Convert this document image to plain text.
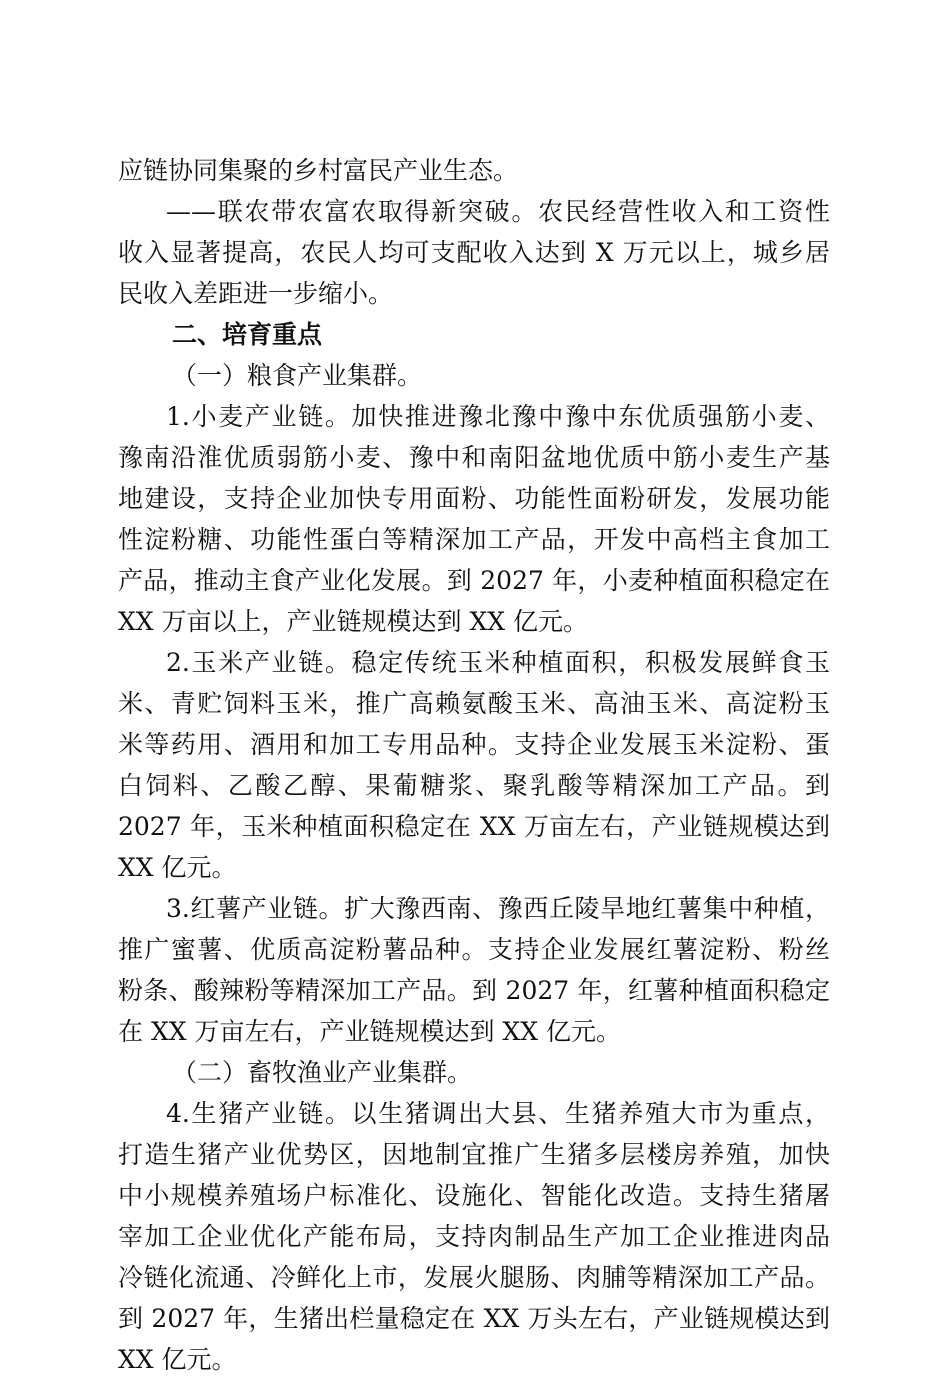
应链协同集聚的乡村富民产业生态。
——联农带农富农取得新突破。农民经营性收入和工资性
收入显著提高，农民人均可支配收入达到 X 万元以上，城乡居
民收入差距进一步缩小。
二、培育重点
（一）粮食产业集群。
1.小麦产业链。加快推进豫北豫中豫中东优质强筋小麦、
豫南沿淮优质弱筋小麦、豫中和南阳盆地优质中筋小麦生产基
地建设，支持企业加快专用面粉、功能性面粉研发，发展功能
性淀粉糖、功能性蛋白等精深加工产品，开发中高档主食加工
产品，推动主食产业化发展。到 2027 年，小麦种植面积稳定在
XX 万亩以上，产业链规模达到 XX 亿元。
2.玉米产业链。稳定传统玉米种植面积，积极发展鲜食玉
米、青贮饲料玉米，推广高赖氨酸玉米、高油玉米、高淀粉玉
米等药用、酒用和加工专用品种。支持企业发展玉米淀粉、蛋
白饲料、乙酸乙醇、果葡糖浆、聚乳酸等精深加工产品。到
2027 年，玉米种植面积稳定在 XX 万亩左右，产业链规模达到
XX 亿元。
3.红薯产业链。扩大豫西南、豫西丘陵旱地红薯集中种植，
推广蜜薯、优质高淀粉薯品种。支持企业发展红薯淀粉、粉丝
粉条、酸辣粉等精深加工产品。到 2027 年，红薯种植面积稳定
在 XX 万亩左右，产业链规模达到 XX 亿元。
（二）畜牧渔业产业集群。
4.生猪产业链。以生猪调出大县、生猪养殖大市为重点，
打造生猪产业优势区，因地制宜推广生猪多层楼房养殖，加快
中小规模养殖场户标准化、设施化、智能化改造。支持生猪屠
宰加工企业优化产能布局，支持肉制品生产加工企业推进肉品
冷链化流通、冷鲜化上市，发展火腿肠、肉脯等精深加工产品。
到 2027 年，生猪出栏量稳定在 XX 万头左右，产业链规模达到
XX 亿元。
